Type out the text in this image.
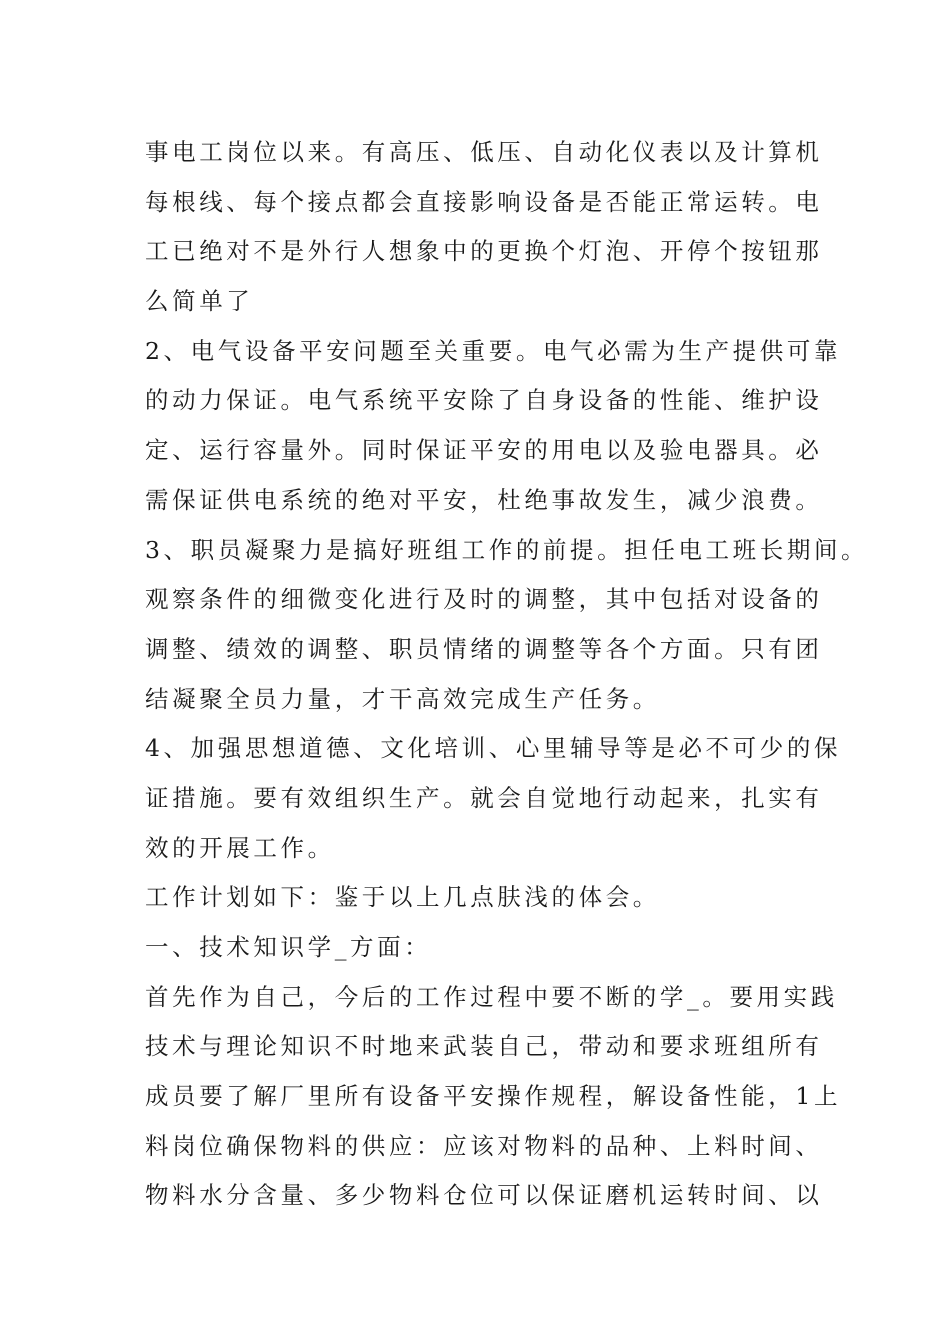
事电工岗位以来。有高压、低压、自动化仪表以及计算机

每根线、每个接点都会直接影响设备是否能正常运转。电

工已绝对不是外行人想象中的更换个灯泡、开停个按钮那

么简单了

2、电气设备平安问题至关重要。电气必需为生产提供可靠

的动力保证。电气系统平安除了自身设备的性能、维护设

定、运行容量外。同时保证平安的用电以及验电器具。必

需保证供电系统的绝对平安，杜绝事故发生，减少浪费。

3、职员凝聚力是搞好班组工作的前提。担任电工班长期间。

观察条件的细微变化进行及时的调整，其中包括对设备的

调整、绩效的调整、职员情绪的调整等各个方面。只有团

结凝聚全员力量，才干高效完成生产任务。

4、加强思想道德、文化培训、心里辅导等是必不可少的保

证措施。要有效组织生产。就会自觉地行动起来，扎实有

效的开展工作。

工作计划如下：鉴于以上几点肤浅的体会。

一、技术知识学_方面：

首先作为自己，今后的工作过程中要不断的学_。要用实践

技术与理论知识不时地来武装自己，带动和要求班组所有

成员要了解厂里所有设备平安操作规程，解设备性能，1上

料岗位确保物料的供应：应该对物料的品种、上料时间、

物料水分含量、多少物料仓位可以保证磨机运转时间、以
